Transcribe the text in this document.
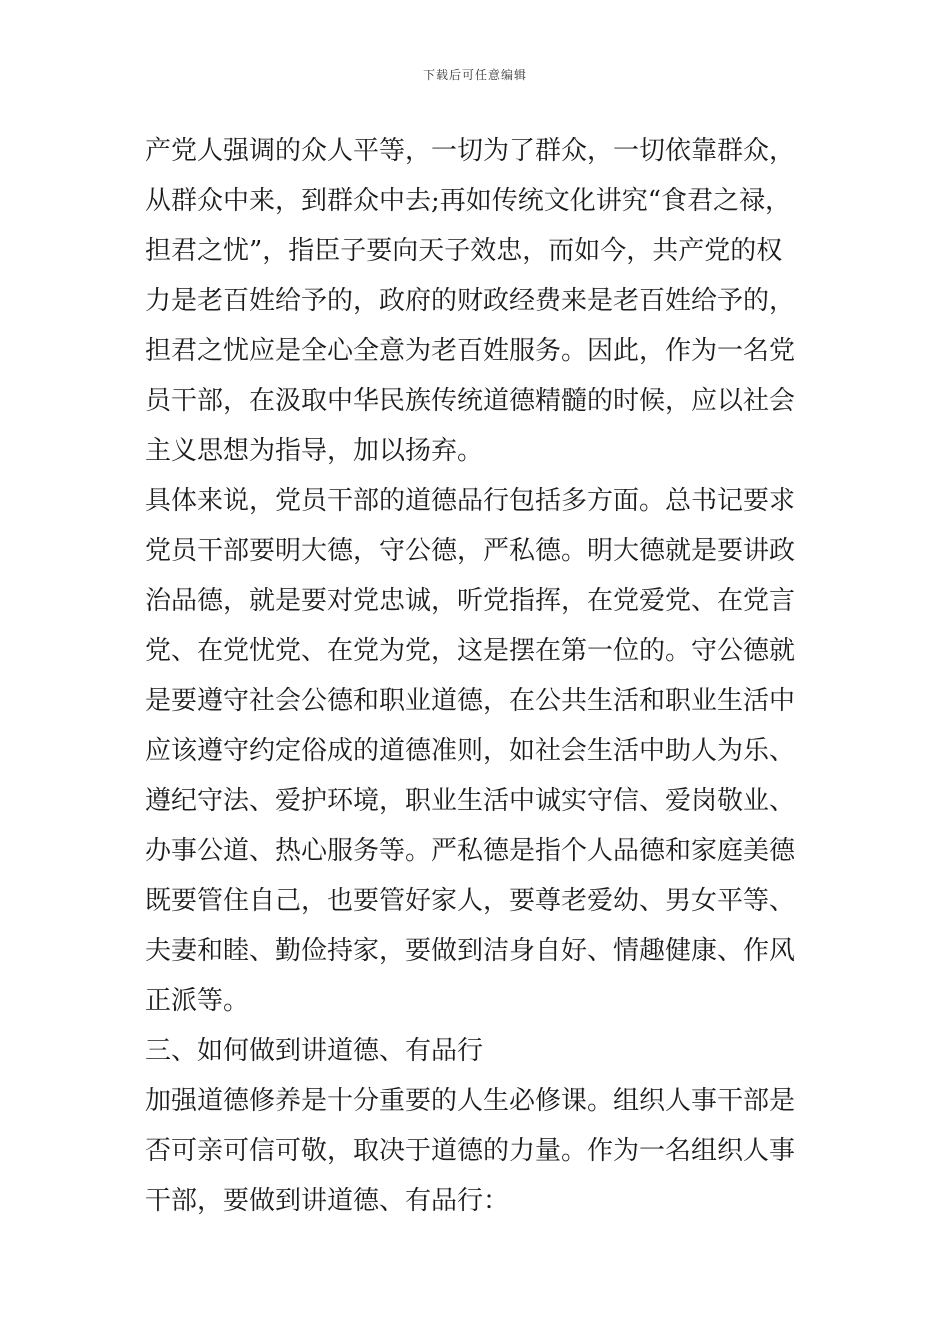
下载后可任意编辑
产党人强调的众人平等，一切为了群众，一切依靠群众，
从群众中来，到群众中去;再如传统文化讲究“食君之禄，
担君之忧”，指臣子要向天子效忠，而如今，共产党的权
力是老百姓给予的，政府的财政经费来是老百姓给予的，
担君之忧应是全心全意为老百姓服务。因此，作为一名党
员干部，在汲取中华民族传统道德精髓的时候，应以社会
主义思想为指导，加以扬弃。
具体来说，党员干部的道德品行包括多方面。总书记要求
党员干部要明大德，守公德，严私德。明大德就是要讲政
治品德，就是要对党忠诚，听党指挥，在党爱党、在党言
党、在党忧党、在党为党，这是摆在第一位的。守公德就
是要遵守社会公德和职业道德，在公共生活和职业生活中
应该遵守约定俗成的道德准则，如社会生活中助人为乐、
遵纪守法、爱护环境，职业生活中诚实守信、爱岗敬业、
办事公道、热心服务等。严私德是指个人品德和家庭美德
既要管住自己，也要管好家人，要尊老爱幼、男女平等、
夫妻和睦、勤俭持家，要做到洁身自好、情趣健康、作风
正派等。
三、如何做到讲道德、有品行
加强道德修养是十分重要的人生必修课。组织人事干部是
否可亲可信可敬，取决于道德的力量。作为一名组织人事
干部，要做到讲道德、有品行：
